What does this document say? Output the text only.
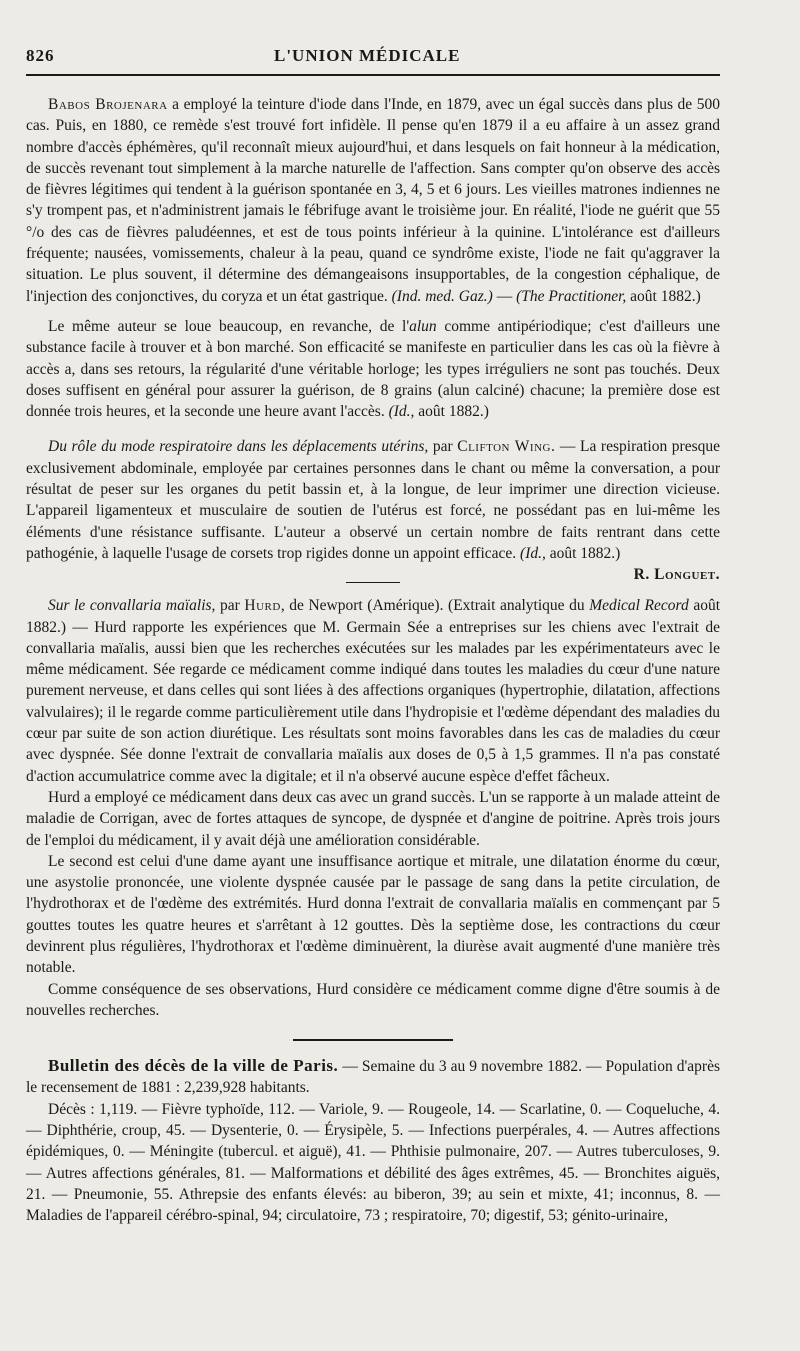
826	L'UNION MÉDICALE

Babos Brojenara a employé la teinture d'iode dans l'Inde, en 1879, avec un égal succès dans plus de 500 cas. Puis, en 1880, ce remède s'est trouvé fort infidèle. Il pense qu'en 1879 il a eu affaire à un assez grand nombre d'accès éphémères, qu'il reconnaît mieux aujourd'hui, et dans lesquels on fait honneur à la médication, de succès revenant tout simplement à la marche naturelle de l'affection. Sans compter qu'on observe des accès de fièvres légitimes qui tendent à la guérison spontanée en 3, 4, 5 et 6 jours. Les vieilles matrones indiennes ne s'y trompent pas, et n'administrent jamais le fébrifuge avant le troisième jour. En réalité, l'iode ne guérit que 55 °/o des cas de fièvres paludéennes, et est de tous points inférieur à la quinine. L'intolérance est d'ailleurs fréquente; nausées, vomissements, chaleur à la peau, quand ce syndrôme existe, l'iode ne fait qu'aggraver la situation. Le plus souvent, il détermine des démangeaisons insupportables, de la congestion céphalique, de l'injection des conjonctives, du coryza et un état gastrique. (Ind. med. Gaz.) — (The Practitioner, août 1882.)

Le même auteur se loue beaucoup, en revanche, de l'alun comme antipériodique; c'est d'ailleurs une substance facile à trouver et à bon marché. Son efficacité se manifeste en particulier dans les cas où la fièvre à accès a, dans ses retours, la régularité d'une véritable horloge; les types irréguliers ne sont pas touchés. Deux doses suffisent en général pour assurer la guérison, de 8 grains (alun calciné) chacune; la première dose est donnée trois heures, et la seconde une heure avant l'accès. (Id., août 1882.)

Du rôle du mode respiratoire dans les déplacements utérins, par Clifton Wing. — La respiration presque exclusivement abdominale, employée par certaines personnes dans le chant ou même la conversation, a pour résultat de peser sur les organes du petit bassin et, à la longue, de leur imprimer une direction vicieuse. L'appareil ligamenteux et musculaire de soutien de l'utérus est forcé, ne possédant pas en lui-même les éléments d'une résistance suffisante. L'auteur a observé un certain nombre de faits rentrant dans cette pathogénie, à laquelle l'usage de corsets trop rigides donne un appoint efficace. (Id., août 1882.)
R. Longuet.

Sur le convallaria maïalis, par Hurd, de Newport (Amérique). (Extrait analytique du Medical Record août 1882.) — Hurd rapporte les expériences que M. Germain Sée a entreprises sur les chiens avec l'extrait de convallaria maïalis, aussi bien que les recherches exécutées sur les malades par les expérimentateurs avec le même médicament. Sée regarde ce médicament comme indiqué dans toutes les maladies du cœur d'une nature purement nerveuse, et dans celles qui sont liées à des affections organiques (hypertrophie, dilatation, affections valvulaires); il le regarde comme particulièrement utile dans l'hydropisie et l'œdème dépendant des maladies du cœur par suite de son action diurétique. Les résultats sont moins favorables dans les cas de maladies du cœur avec dyspnée. Sée donne l'extrait de convallaria maïalis aux doses de 0,5 à 1,5 grammes. Il n'a pas constaté d'action accumulatrice comme avec la digitale; et il n'a observé aucune espèce d'effet fâcheux.

Hurd a employé ce médicament dans deux cas avec un grand succès. L'un se rapporte à un malade atteint de maladie de Corrigan, avec de fortes attaques de syncope, de dyspnée et d'angine de poitrine. Après trois jours de l'emploi du médicament, il y avait déjà une amélioration considérable.

Le second est celui d'une dame ayant une insuffisance aortique et mitrale, une dilatation énorme du cœur, une asystolie prononcée, une violente dyspnée causée par le passage de sang dans la petite circulation, de l'hydrothorax et de l'œdème des extrémités. Hurd donna l'extrait de convallaria maïalis en commençant par 5 gouttes toutes les quatre heures et s'arrêtant à 12 gouttes. Dès la septième dose, les contractions du cœur devinrent plus régulières, l'hydrothorax et l'œdème diminuèrent, la diurèse avait augmenté d'une manière très notable.

Comme conséquence de ses observations, Hurd considère ce médicament comme digne d'être soumis à de nouvelles recherches.

Bulletin des décès de la ville de Paris. — Semaine du 3 au 9 novembre 1882. — Population d'après le recensement de 1881 : 2,239,928 habitants.

Décès : 1,119. — Fièvre typhoïde, 112. — Variole, 9. — Rougeole, 14. — Scarlatine, 0. — Coqueluche, 4. — Diphthérie, croup, 45. — Dysenterie, 0. — Érysipèle, 5. — Infections puerpérales, 4. — Autres affections épidémiques, 0. — Méningite (tubercul. et aiguë), 41. — Phthisie pulmonaire, 207. — Autres tuberculoses, 9. — Autres affections générales, 81. — Malformations et débilité des âges extrêmes, 45. — Bronchites aiguës, 21. — Pneumonie, 55. Athrepsie des enfants élevés: au biberon, 39; au sein et mixte, 41; inconnus, 8. — Maladies de l'appareil cérébro-spinal, 94; circulatoire, 73 ; respiratoire, 70; digestif, 53; génito-urinaire,
